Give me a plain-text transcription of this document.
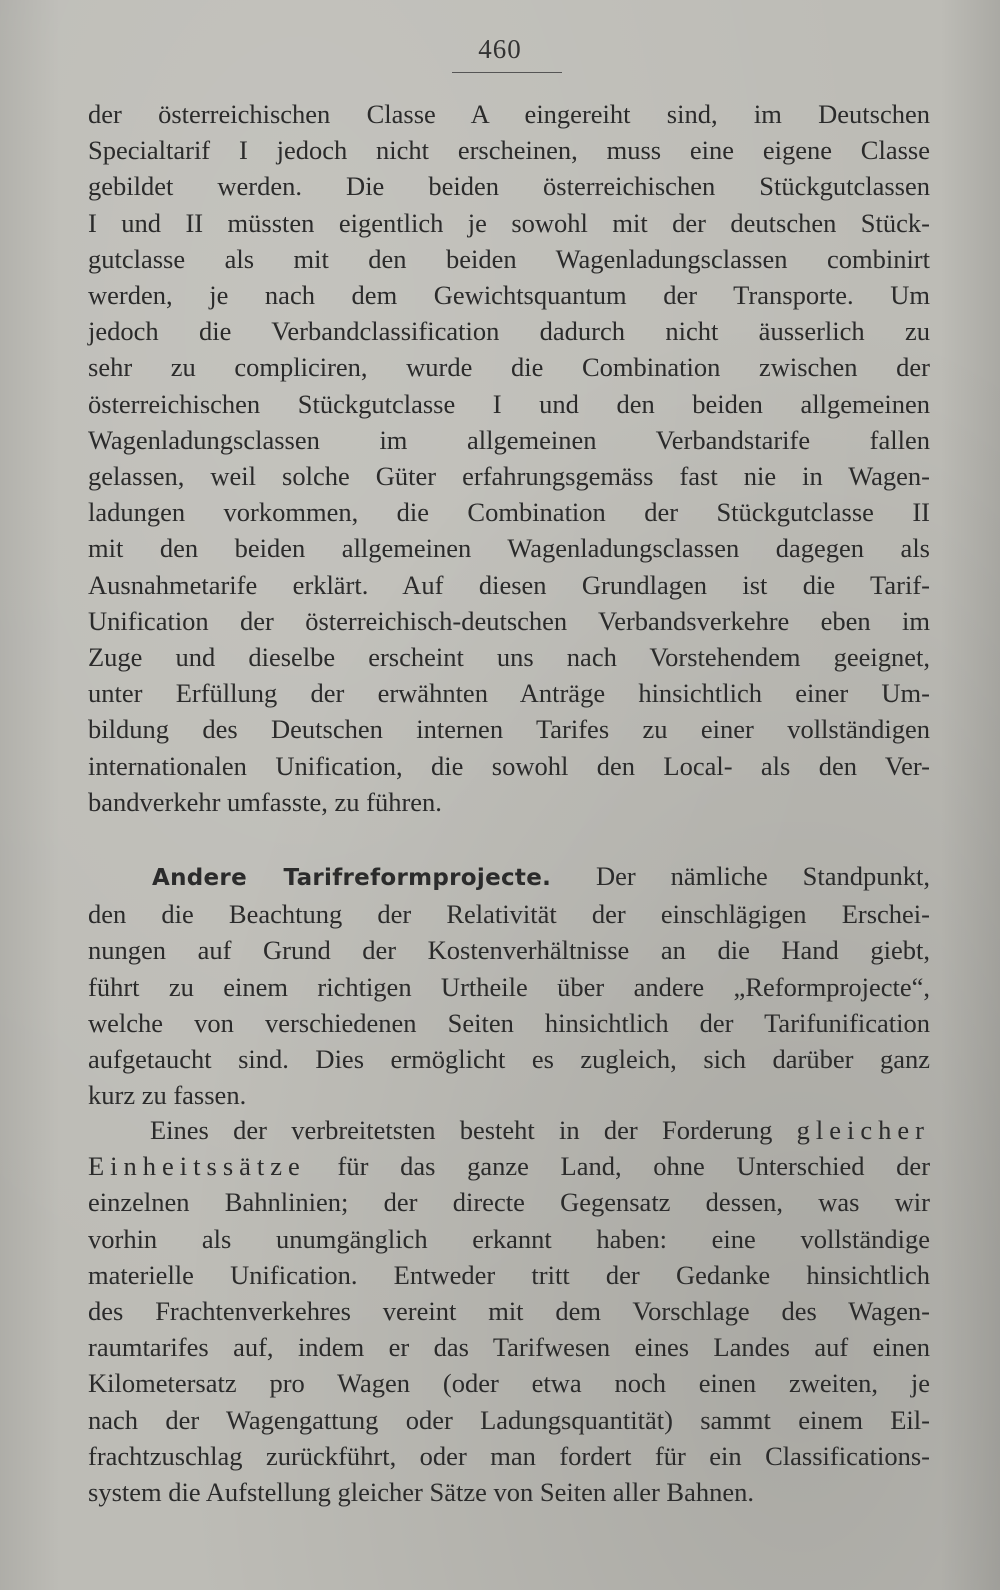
460
der österreichischen Classe A eingereiht sind, im Deutschen
Specialtarif I jedoch nicht erscheinen, muss eine eigene Classe
gebildet werden. Die beiden österreichischen Stückgutclassen
I und II müssten eigentlich je sowohl mit der deutschen Stück-
gutclasse als mit den beiden Wagenladungsclassen combinirt
werden, je nach dem Gewichtsquantum der Transporte. Um
jedoch die Verbandclassification dadurch nicht äusserlich zu
sehr zu compliciren, wurde die Combination zwischen der
österreichischen Stückgutclasse I und den beiden allgemeinen
Wagenladungsclassen im allgemeinen Verbandstarife fallen
gelassen, weil solche Güter erfahrungsgemäss fast nie in Wagen-
ladungen vorkommen, die Combination der Stückgutclasse II
mit den beiden allgemeinen Wagenladungsclassen dagegen als
Ausnahmetarife erklärt. Auf diesen Grundlagen ist die Tarif-
Unification der österreichisch-deutschen Verbandsverkehre eben im
Zuge und dieselbe erscheint uns nach Vorstehendem geeignet,
unter Erfüllung der erwähnten Anträge hinsichtlich einer Um-
bildung des Deutschen internen Tarifes zu einer vollständigen
internationalen Unification, die sowohl den Local- als den Ver-
bandverkehr umfasste, zu führen.
Andere Tarifreformprojecte. Der nämliche Standpunkt,
den die Beachtung der Relativität der einschlägigen Erschei-
nungen auf Grund der Kostenverhältnisse an die Hand giebt,
führt zu einem richtigen Urtheile über andere „Reformprojecte“,
welche von verschiedenen Seiten hinsichtlich der Tarifunification
aufgetaucht sind. Dies ermöglicht es zugleich, sich darüber ganz
kurz zu fassen.
Eines der verbreitetsten besteht in der Forderung gleicher
Einheitssätze für das ganze Land, ohne Unterschied der
einzelnen Bahnlinien; der directe Gegensatz dessen, was wir
vorhin als unumgänglich erkannt haben: eine vollständige
materielle Unification. Entweder tritt der Gedanke hinsichtlich
des Frachtenverkehres vereint mit dem Vorschlage des Wagen-
raumtarifes auf, indem er das Tarifwesen eines Landes auf einen
Kilometersatz pro Wagen (oder etwa noch einen zweiten, je
nach der Wagengattung oder Ladungsquantität) sammt einem Eil-
frachtzuschlag zurückführt, oder man fordert für ein Classifications-
system die Aufstellung gleicher Sätze von Seiten aller Bahnen.
